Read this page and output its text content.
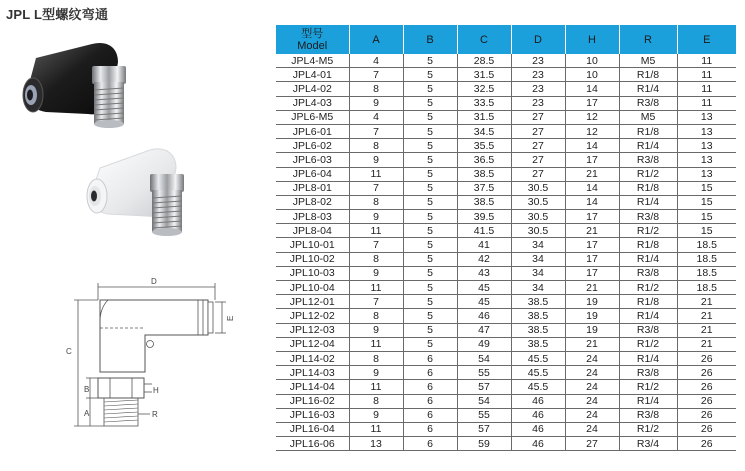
JPL L型螺纹弯通
D
E
C
B	H
A	R
型号
Model	A	B	C	D	H	R	E
JPL4-M5	4	5	28.5	23	10	M5	11
JPL4-01	7	5	31.5	23	10	R1/8	11
JPL4-02	8	5	32.5	23	14	R1/4	11
JPL4-03	9	5	33.5	23	17	R3/8	11
JPL6-M5	4	5	31.5	27	12	M5	13
JPL6-01	7	5	34.5	27	12	R1/8	13
JPL6-02	8	5	35.5	27	14	R1/4	13
JPL6-03	9	5	36.5	27	17	R3/8	13
JPL6-04	11	5	38.5	27	21	R1/2	13
JPL8-01	7	5	37.5	30.5	14	R1/8	15
JPL8-02	8	5	38.5	30.5	14	R1/4	15
JPL8-03	9	5	39.5	30.5	17	R3/8	15
JPL8-04	11	5	41.5	30.5	21	R1/2	15
JPL10-01	7	5	41	34	17	R1/8	18.5
JPL10-02	8	5	42	34	17	R1/4	18.5
JPL10-03	9	5	43	34	17	R3/8	18.5
JPL10-04	11	5	45	34	21	R1/2	18.5
JPL12-01	7	5	45	38.5	19	R1/8	21
JPL12-02	8	5	46	38.5	19	R1/4	21
JPL12-03	9	5	47	38.5	19	R3/8	21
JPL12-04	11	5	49	38.5	21	R1/2	21
JPL14-02	8	6	54	45.5	24	R1/4	26
JPL14-03	9	6	55	45.5	24	R3/8	26
JPL14-04	11	6	57	45.5	24	R1/2	26
JPL16-02	8	6	54	46	24	R1/4	26
JPL16-03	9	6	55	46	24	R3/8	26
JPL16-04	11	6	57	46	24	R1/2	26
JPL16-06	13	6	59	46	27	R3/4	26
